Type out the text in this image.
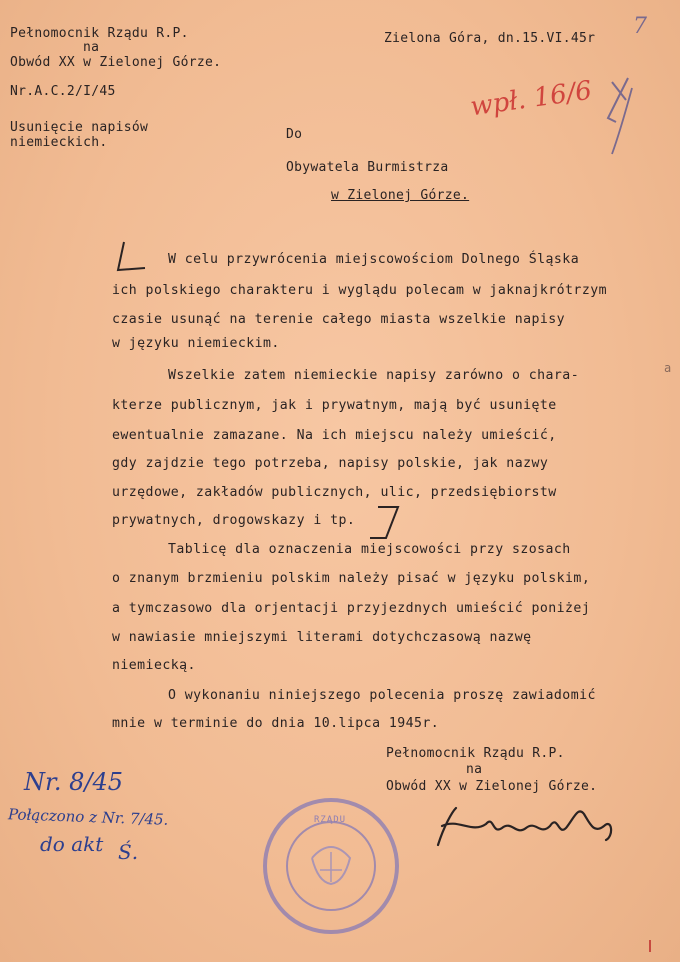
Pełnomocnik Rządu R.P.
na
Obwód XX w Zielonej Górze.
Nr.A.C.2/I/45
Usunięcie napisów
niemieckich.
Zielona Góra, dn.15.VI.45r 7
wpł. 16/6
Do
Obywatela Burmistrza
w Zielonej Górze.
W celu przywrócenia miejscowościom Dolnego Śląska
ich polskiego charakteru i wyglądu polecam w jaknajkrótrzym
czasie usunąć na terenie całego miasta wszelkie napisy
w języku niemieckim.
Wszelkie zatem niemieckie napisy zarówno o chara-
kterze publicznym, jak i prywatnym, mają być usunięte
ewentualnie zamazane. Na ich miejscu należy umieścić,
gdy zajdzie tego potrzeba, napisy polskie, jak nazwy
urzędowe, zakładów publicznych, ulic, przedsiębiorstw
prywatnych, drogowskazy i tp.
Tablicę dla oznaczenia miejscowości przy szosach
o znanym brzmieniu polskim należy pisać w języku polskim,
a tymczasowo dla orjentacji przyjezdnych umieścić poniżej
w nawiasie mniejszymi literami dotychczasową nazwę
niemiecką.
O wykonaniu niniejszego polecenia proszę zawiadomić
mnie w terminie do dnia 10.lipca 1945r.
Pełnomocnik Rządu R.P.
na
Obwód XX w Zielonej Górze.
Nr. 8/45
Połączono z Nr. 7/45.
do akt Ś.
a
RZĄDU
